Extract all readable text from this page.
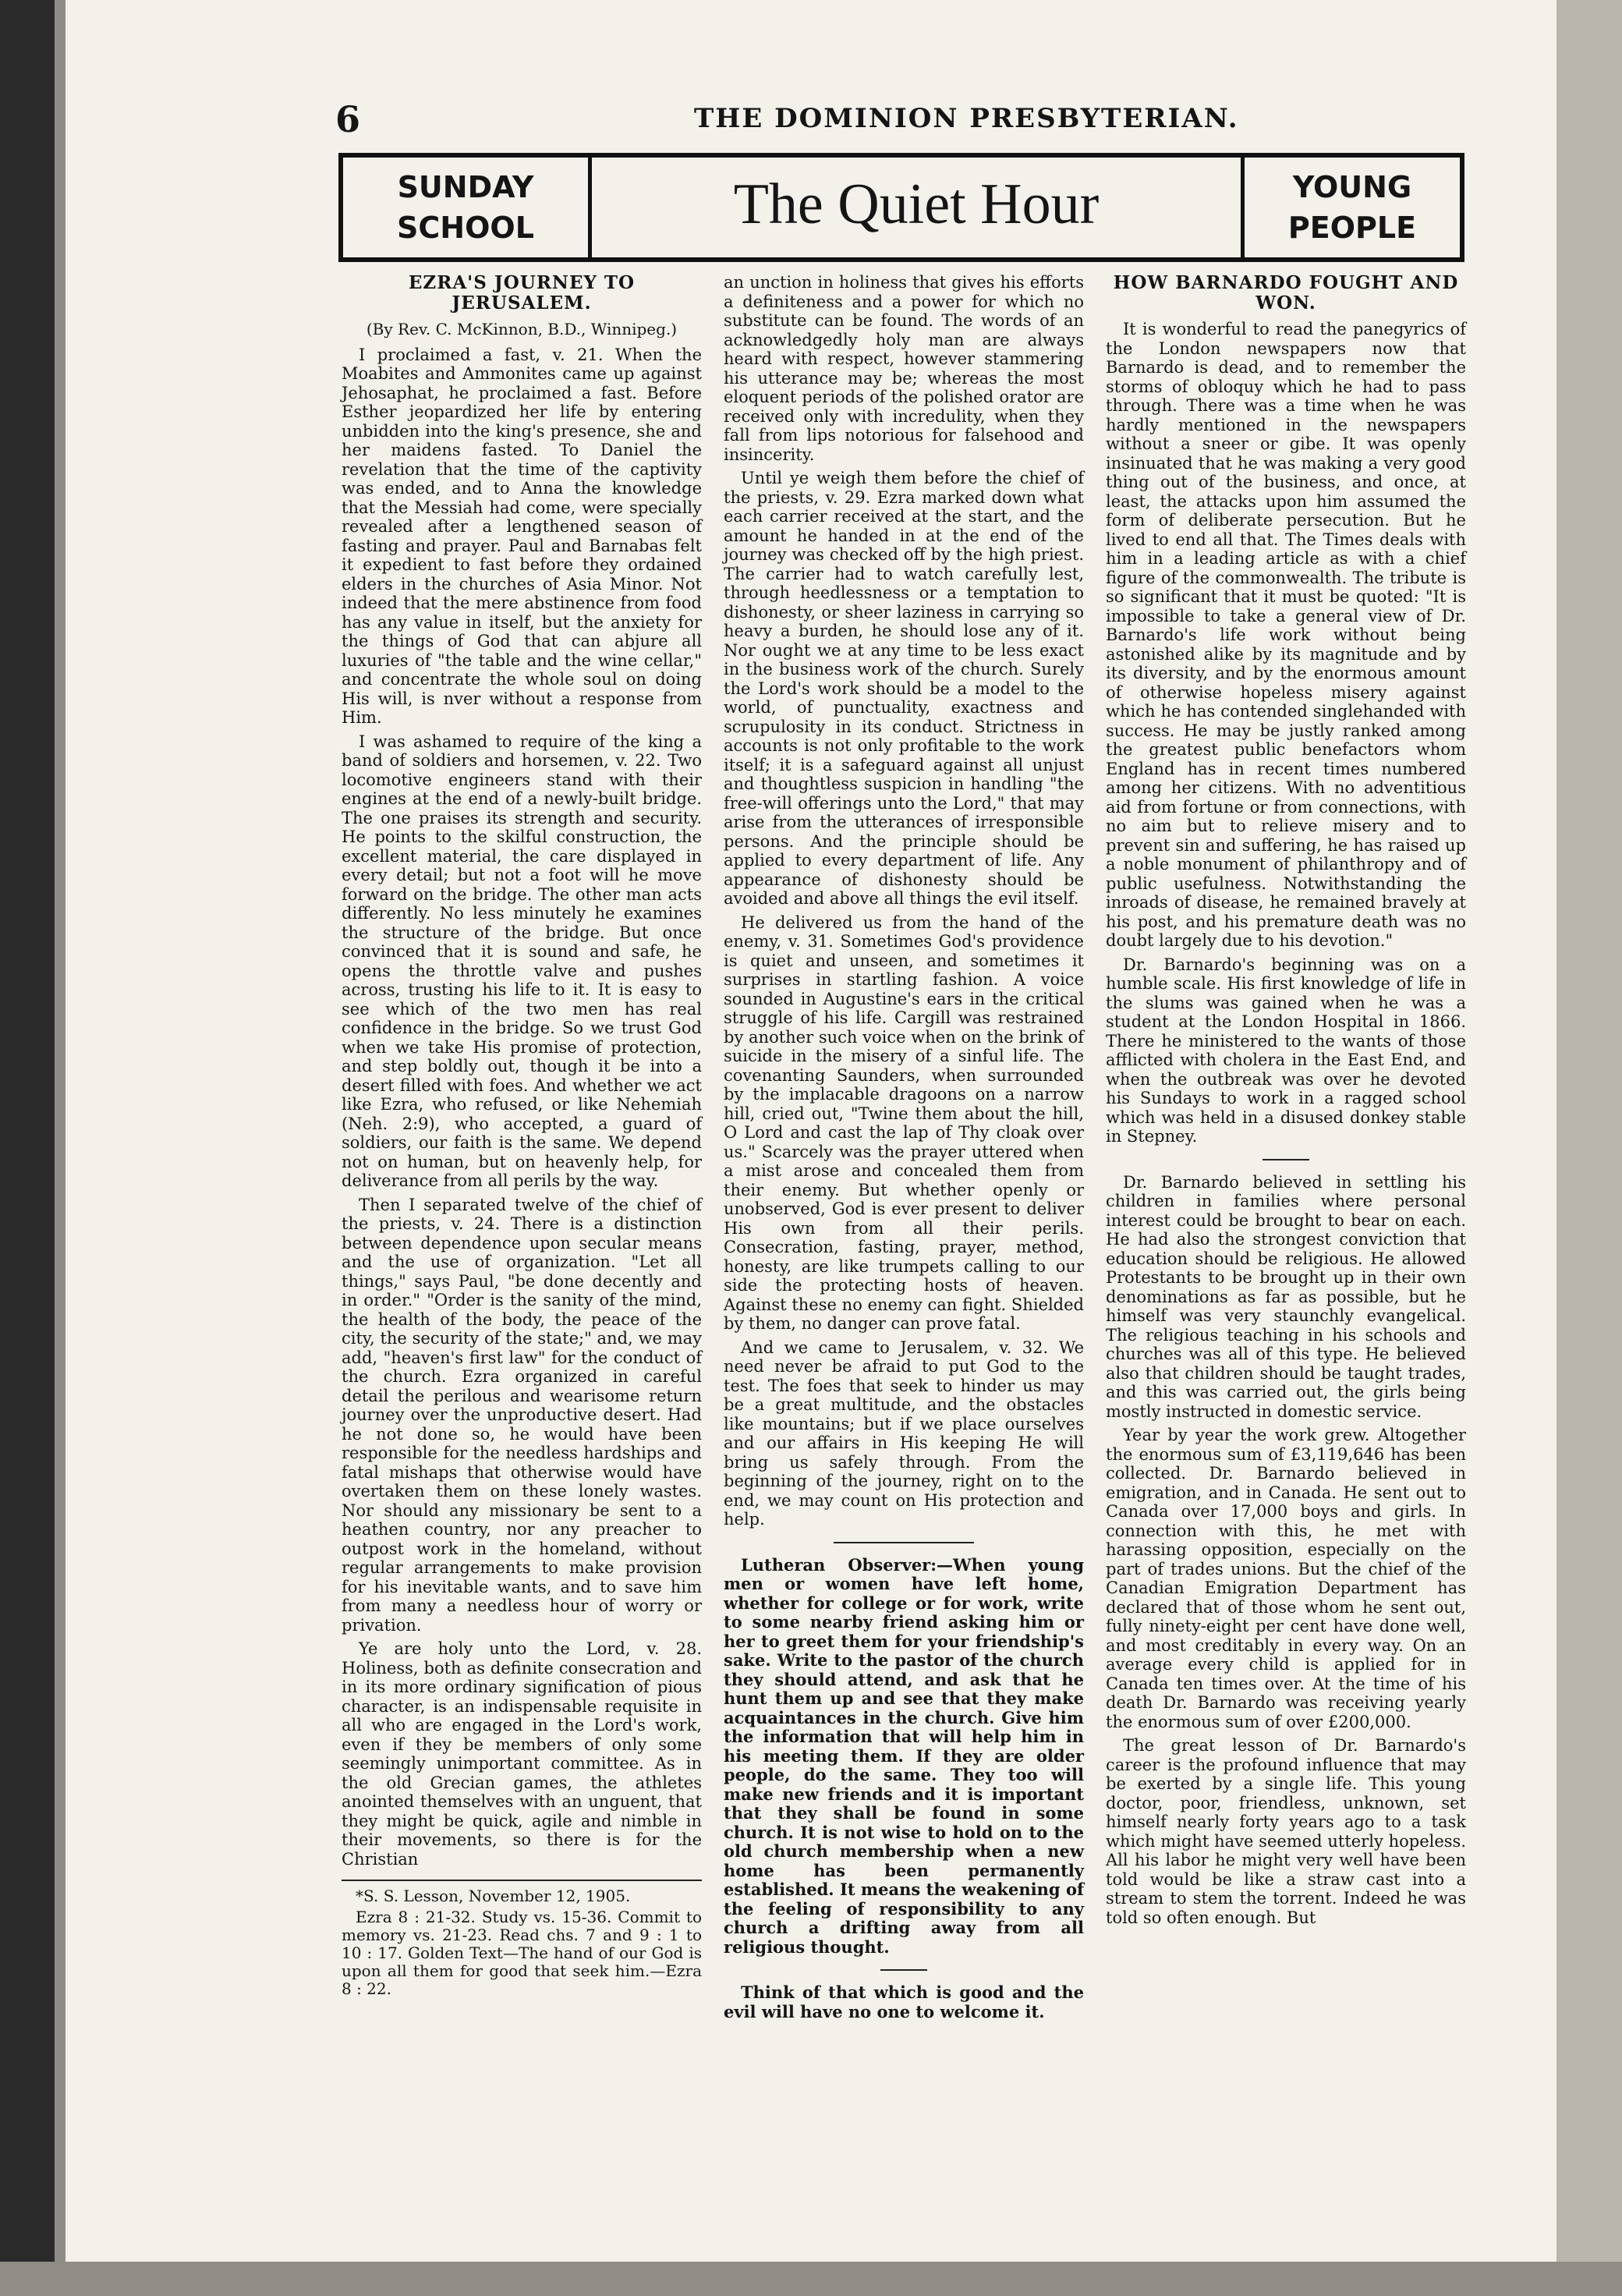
6	THE DOMINION PRESBYTERIAN.
SUNDAY
SCHOOL	The Quiet Hour	YOUNG
PEOPLE
EZRA'S JOURNEY TO JERUSALEM.
(By Rev. C. McKinnon, B.D., Winnipeg.)

I proclaimed a fast, v. 21. When the Moabites and Ammonites came up against Jehosaphat, he proclaimed a fast. Before Esther jeopardized her life by entering unbidden into the king's presence, she and her maidens fasted. To Daniel the revelation that the time of the captivity was ended, and to Anna the knowledge that the Messiah had come, were specially revealed after a lengthened season of fasting and prayer. Paul and Barnabas felt it expedient to fast before they ordained elders in the churches of Asia Minor. Not indeed that the mere abstinence from food has any value in itself, but the anxiety for the things of God that can abjure all luxuries of "the table and the wine cellar," and concentrate the whole soul on doing His will, is nver without a response from Him.

I was ashamed to require of the king a band of soldiers and horsemen, v. 22. Two locomotive engineers stand with their engines at the end of a newly-built bridge. The one praises its strength and security. He points to the skilful construction, the excellent material, the care displayed in every detail; but not a foot will he move forward on the bridge. The other man acts differently. No less minutely he examines the structure of the bridge. But once convinced that it is sound and safe, he opens the throttle valve and pushes across, trusting his life to it. It is easy to see which of the two men has real confidence in the bridge. So we trust God when we take His promise of protection, and step boldly out, though it be into a desert filled with foes. And whether we act like Ezra, who refused, or like Nehemiah (Neh. 2:9), who accepted, a guard of soldiers, our faith is the same. We depend not on human, but on heavenly help, for deliverance from all perils by the way.

Then I separated twelve of the chief of the priests, v. 24. There is a distinction between dependence upon secular means and the use of organization. "Let all things," says Paul, "be done decently and in order." "Order is the sanity of the mind, the health of the body, the peace of the city, the security of the state;" and, we may add, "heaven's first law" for the conduct of the church. Ezra organized in careful detail the perilous and wearisome return journey over the unproductive desert. Had he not done so, he would have been responsible for the needless hardships and fatal mishaps that otherwise would have overtaken them on these lonely wastes. Nor should any missionary be sent to a heathen country, nor any preacher to outpost work in the homeland, without regular arrangements to make provision for his inevitable wants, and to save him from many a needless hour of worry or privation.

Ye are holy unto the Lord, v. 28. Holiness, both as definite consecration and in its more ordinary signification of pious character, is an indispensable requisite in all who are engaged in the Lord's work, even if they be members of only some seemingly unimportant committee. As in the old Grecian games, the athletes anointed themselves with an unguent, that they might be quick, agile and nimble in their movements, so there is for the Christian

*S. S. Lesson, November 12, 1905.

Ezra 8 : 21-32. Study vs. 15-36. Commit to memory vs. 21-23. Read chs. 7 and 9 : 1 to 10 : 17. Golden Text—The hand of our God is upon all them for good that seek him.—Ezra 8 : 22.

an unction in holiness that gives his efforts a definiteness and a power for which no substitute can be found. The words of an acknowledgedly holy man are always heard with respect, however stammering his utterance may be; whereas the most eloquent periods of the polished orator are received only with incredulity, when they fall from lips notorious for falsehood and insincerity.

Until ye weigh them before the chief of the priests, v. 29. Ezra marked down what each carrier received at the start, and the amount he handed in at the end of the journey was checked off by the high priest. The carrier had to watch carefully lest, through heedlessness or a temptation to dishonesty, or sheer laziness in carrying so heavy a burden, he should lose any of it. Nor ought we at any time to be less exact in the business work of the church. Surely the Lord's work should be a model to the world, of punctuality, exactness and scrupulosity in its conduct. Strictness in accounts is not only profitable to the work itself; it is a safeguard against all unjust and thoughtless suspicion in handling "the free-will offerings unto the Lord," that may arise from the utterances of irresponsible persons. And the principle should be applied to every department of life. Any appearance of dishonesty should be avoided and above all things the evil itself.

He delivered us from the hand of the enemy, v. 31. Sometimes God's providence is quiet and unseen, and sometimes it surprises in startling fashion. A voice sounded in Augustine's ears in the critical struggle of his life. Cargill was restrained by another such voice when on the brink of suicide in the misery of a sinful life. The covenanting Saunders, when surrounded by the implacable dragoons on a narrow hill, cried out, "Twine them about the hill, O Lord and cast the lap of Thy cloak over us." Scarcely was the prayer uttered when a mist arose and concealed them from their enemy. But whether openly or unobserved, God is ever present to deliver His own from all their perils. Consecration, fasting, prayer, method, honesty, are like trumpets calling to our side the protecting hosts of heaven. Against these no enemy can fight. Shielded by them, no danger can prove fatal.

And we came to Jerusalem, v. 32. We need never be afraid to put God to the test. The foes that seek to hinder us may be a great multitude, and the obstacles like mountains; but if we place ourselves and our affairs in His keeping He will bring us safely through. From the beginning of the journey, right on to the end, we may count on His protection and help.

Lutheran Observer:—When young men or women have left home, whether for college or for work, write to some nearby friend asking him or her to greet them for your friendship's sake. Write to the pastor of the church they should attend, and ask that he hunt them up and see that they make acquaintances in the church. Give him the information that will help him in his meeting them. If they are older people, do the same. They too will make new friends and it is important that they shall be found in some church. It is not wise to hold on to the old church membership when a new home has been permanently established. It means the weakening of the feeling of responsibility to any church a drifting away from all religious thought.

Think of that which is good and the evil will have no one to welcome it.

HOW BARNARDO FOUGHT AND WON.

It is wonderful to read the panegyrics of the London newspapers now that Barnardo is dead, and to remember the storms of obloquy which he had to pass through. There was a time when he was hardly mentioned in the newspapers without a sneer or gibe. It was openly insinuated that he was making a very good thing out of the business, and once, at least, the attacks upon him assumed the form of deliberate persecution. But he lived to end all that. The Times deals with him in a leading article as with a chief figure of the commonwealth. The tribute is so significant that it must be quoted: "It is impossible to take a general view of Dr. Barnardo's life work without being astonished alike by its magnitude and by its diversity, and by the enormous amount of otherwise hopeless misery against which he has contended singlehanded with success. He may be justly ranked among the greatest public benefactors whom England has in recent times numbered among her citizens. With no adventitious aid from fortune or from connections, with no aim but to relieve misery and to prevent sin and suffering, he has raised up a noble monument of philanthropy and of public usefulness. Notwithstanding the inroads of disease, he remained bravely at his post, and his premature death was no doubt largely due to his devotion."

Dr. Barnardo's beginning was on a humble scale. His first knowledge of life in the slums was gained when he was a student at the London Hospital in 1866. There he ministered to the wants of those afflicted with cholera in the East End, and when the outbreak was over he devoted his Sundays to work in a ragged school which was held in a disused donkey stable in Stepney.

Dr. Barnardo believed in settling his children in families where personal interest could be brought to bear on each. He had also the strongest conviction that education should be religious. He allowed Protestants to be brought up in their own denominations as far as possible, but he himself was very staunchly evangelical. The religious teaching in his schools and churches was all of this type. He believed also that children should be taught trades, and this was carried out, the girls being mostly instructed in domestic service.

Year by year the work grew. Altogether the enormous sum of £3,119,646 has been collected. Dr. Barnardo believed in emigration, and in Canada. He sent out to Canada over 17,000 boys and girls. In connection with this, he met with harassing opposition, especially on the part of trades unions. But the chief of the Canadian Emigration Department has declared that of those whom he sent out, fully ninety-eight per cent have done well, and most creditably in every way. On an average every child is applied for in Canada ten times over. At the time of his death Dr. Barnardo was receiving yearly the enormous sum of over £200,000.

The great lesson of Dr. Barnardo's career is the profound influence that may be exerted by a single life. This young doctor, poor, friendless, unknown, set himself nearly forty years ago to a task which might have seemed utterly hopeless. All his labor he might very well have been told would be like a straw cast into a stream to stem the torrent. Indeed he was told so often enough. But
